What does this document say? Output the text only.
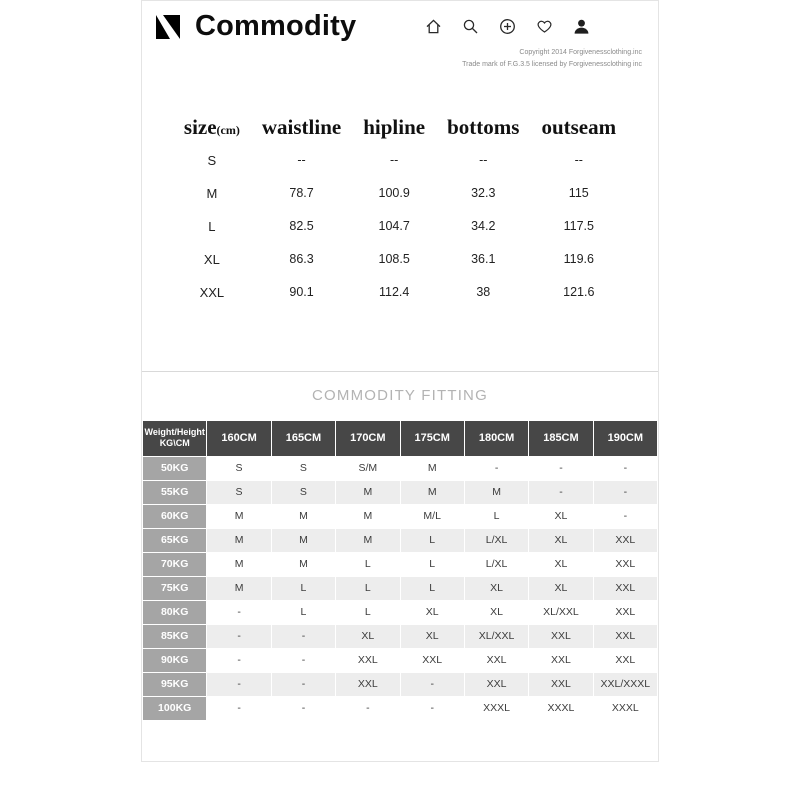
Commodity
Copyright 2014 Forgivenessclothing.inc
Trade mark of F.G.3.5 licensed by Forgivenessclothing inc
size(cm)	waistline	hipline	bottoms	outseam
S	--	--	--	--
M	78.7	100.9	32.3	115
L	82.5	104.7	34.2	117.5
XL	86.3	108.5	36.1	119.6
XXL	90.1	112.4	38	121.6
COMMODITY FITTING
Weight/Height
KG\CM	160CM	165CM	170CM	175CM	180CM	185CM	190CM
50KG	S	S	S/M	M	-	-	-
55KG	S	S	M	M	M	-	-
60KG	M	M	M	M/L	L	XL	-
65KG	M	M	M	L	L/XL	XL	XXL
70KG	M	M	L	L	L/XL	XL	XXL
75KG	M	L	L	L	XL	XL	XXL
80KG	-	L	L	XL	XL	XL/XXL	XXL
85KG	-	-	XL	XL	XL/XXL	XXL	XXL
90KG	-	-	XXL	XXL	XXL	XXL	XXL
95KG	-	-	XXL	-	XXL	XXL	XXL/XXXL
100KG	-	-	-	-	XXXL	XXXL	XXXL
